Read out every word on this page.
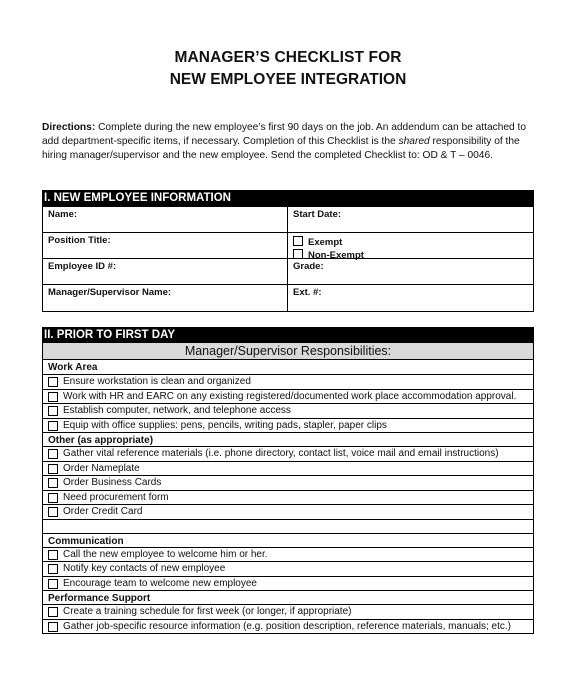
MANAGER’S CHECKLIST FOR
NEW EMPLOYEE INTEGRATION
Directions: Complete during the new employee’s first 90 days on the job. An addendum can be attached to add department-specific items, if necessary. Completion of this Checklist is the shared responsibility of the hiring manager/supervisor and the new employee. Send the completed Checklist to: OD & T – 0046.
I. NEW EMPLOYEE INFORMATION
Name:	Start Date:
Position Title:	Exempt
Non-Exempt
Employee ID #:	Grade:
Manager/Supervisor Name:	Ext. #:
II. PRIOR TO FIRST DAY
Manager/Supervisor Responsibilities:
Work Area
Ensure workstation is clean and organized
Work with HR and EARC on any existing registered/documented work place accommodation approval.
Establish computer, network, and telephone access
Equip with office supplies: pens, pencils, writing pads, stapler, paper clips
Other (as appropriate)
Gather vital reference materials (i.e. phone directory, contact list, voice mail and email instructions)
Order Nameplate
Order Business Cards
Need procurement form
Order Credit Card
Communication
Call the new employee to welcome him or her.
Notify key contacts of new employee
Encourage team to welcome new employee
Performance Support
Create a training schedule for first week (or longer, if appropriate)
Gather job-specific resource information (e.g. position description, reference materials, manuals; etc.)
